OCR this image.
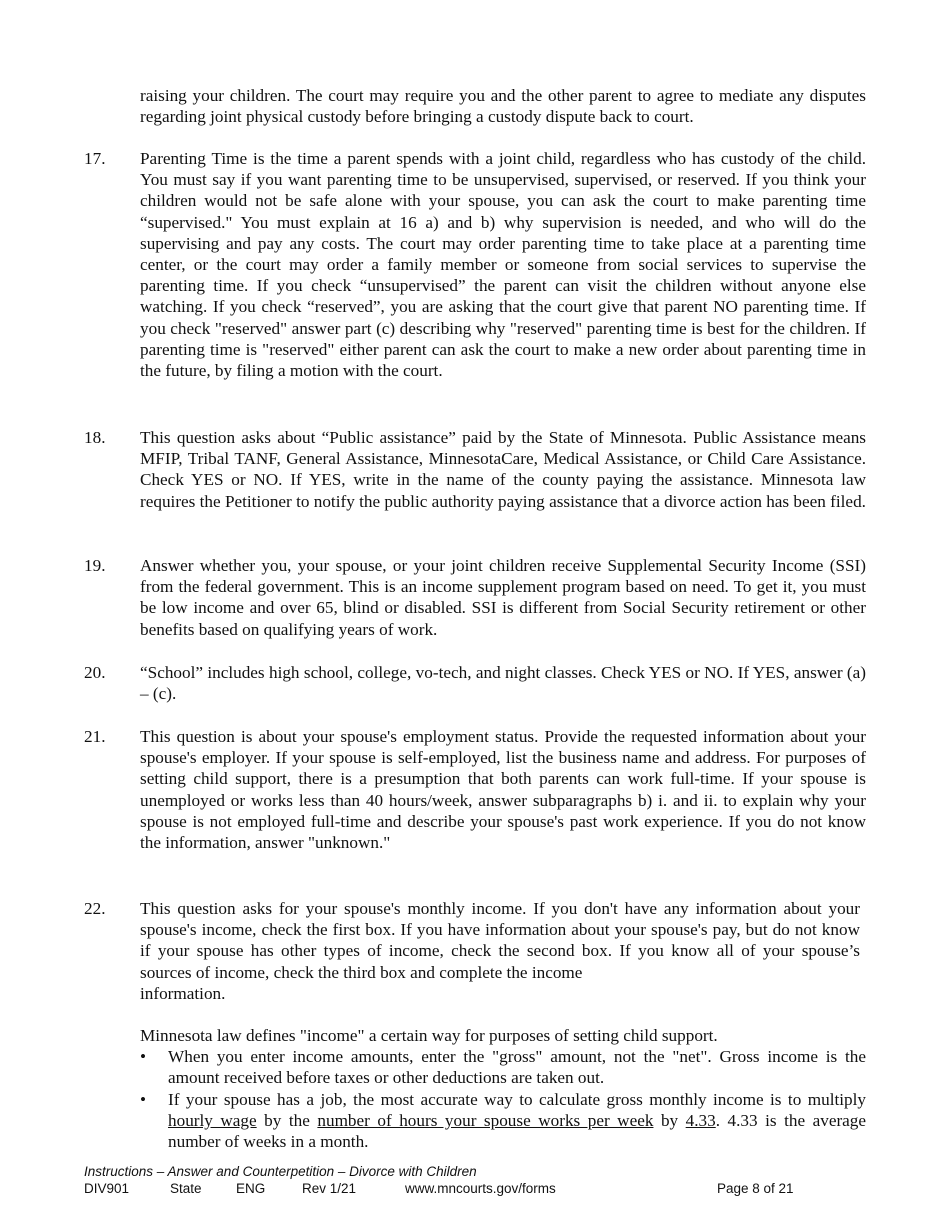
raising your children. The court may require you and the other parent to agree to mediate any disputes regarding joint physical custody before bringing a custody dispute back to court.

17. Parenting Time is the time a parent spends with a joint child, regardless who has custody of the child. You must say if you want parenting time to be unsupervised, supervised, or reserved. If you think your children would not be safe alone with your spouse, you can ask the court to make parenting time “supervised." You must explain at 16 a) and b) why supervision is needed, and who will do the supervising and pay any costs. The court may order parenting time to take place at a parenting time center, or the court may order a family member or someone from social services to supervise the parenting time. If you check “unsupervised” the parent can visit the children without anyone else watching. If you check “reserved”, you are asking that the court give that parent NO parenting time. If you check "reserved" answer part (c) describing why "reserved" parenting time is best for the children. If parenting time is "reserved" either parent can ask the court to make a new order about parenting time in the future, by filing a motion with the court.

18. This question asks about “Public assistance” paid by the State of Minnesota. Public Assistance means MFIP, Tribal TANF, General Assistance, MinnesotaCare, Medical Assistance, or Child Care Assistance. Check YES or NO. If YES, write in the name of the county paying the assistance. Minnesota law requires the Petitioner to notify the public authority paying assistance that a divorce action has been filed.

19. Answer whether you, your spouse, or your joint children receive Supplemental Security Income (SSI) from the federal government. This is an income supplement program based on need. To get it, you must be low income and over 65, blind or disabled. SSI is different from Social Security retirement or other benefits based on qualifying years of work.

20. “School” includes high school, college, vo-tech, and night classes. Check YES or NO. If YES, answer (a) – (c).

21. This question is about your spouse's employment status. Provide the requested information about your spouse's employer. If your spouse is self-employed, list the business name and address. For purposes of setting child support, there is a presumption that both parents can work full-time. If your spouse is unemployed or works less than 40 hours/week, answer subparagraphs b) i. and ii. to explain why your spouse is not employed full-time and describe your spouse's past work experience. If you do not know the information, answer "unknown."

22. This question asks for your spouse's monthly income. If you don't have any information about your spouse's income, check the first box. If you have information about your spouse's pay, but do not know if your spouse has other types of income, check the second box. If you know all of your spouse’s sources of income, check the third box and complete the income

information.

Minnesota law defines "income" a certain way for purposes of setting child support.

• When you enter income amounts, enter the "gross" amount, not the "net". Gross income is the amount received before taxes or other deductions are taken out.
• If your spouse has a job, the most accurate way to calculate gross monthly income is to multiply hourly wage by the number of hours your spouse works per week by 4.33. 4.33 is the average number of weeks in a month.
Instructions – Answer and Counterpetition – Divorce with Children
DIV901	State	ENG	Rev 1/21	www.mncourts.gov/forms	Page 8 of 21
